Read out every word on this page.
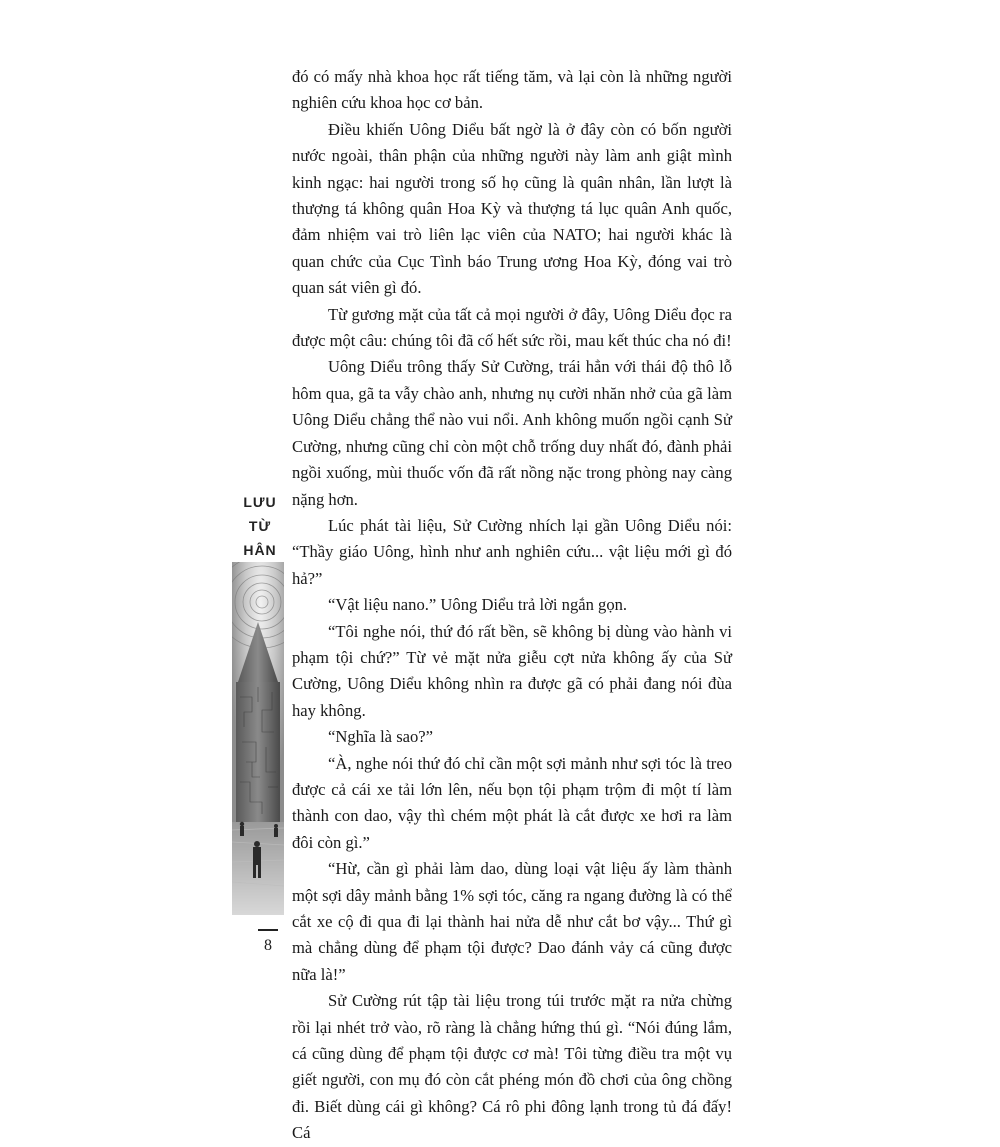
đó có mấy nhà khoa học rất tiếng tăm, và lại còn là những người nghiên cứu khoa học cơ bản.

Điều khiến Uông Diểu bất ngờ là ở đây còn có bốn người nước ngoài, thân phận của những người này làm anh giật mình kinh ngạc: hai người trong số họ cũng là quân nhân, lần lượt là thượng tá không quân Hoa Kỳ và thượng tá lục quân Anh quốc, đảm nhiệm vai trò liên lạc viên của NATO; hai người khác là quan chức của Cục Tình báo Trung ương Hoa Kỳ, đóng vai trò quan sát viên gì đó.

Từ gương mặt của tất cả mọi người ở đây, Uông Diểu đọc ra được một câu: chúng tôi đã cố hết sức rồi, mau kết thúc cha nó đi!

Uông Diểu trông thấy Sử Cường, trái hẳn với thái độ thô lỗ hôm qua, gã ta vẫy chào anh, nhưng nụ cười nhăn nhở của gã làm Uông Diểu chẳng thể nào vui nổi. Anh không muốn ngồi cạnh Sử Cường, nhưng cũng chỉ còn một chỗ trống duy nhất đó, đành phải ngồi xuống, mùi thuốc vốn đã rất nồng nặc trong phòng nay càng nặng hơn.

Lúc phát tài liệu, Sử Cường nhích lại gần Uông Diểu nói: “Thầy giáo Uông, hình như anh nghiên cứu... vật liệu mới gì đó hả?”

“Vật liệu nano.” Uông Diểu trả lời ngắn gọn.

“Tôi nghe nói, thứ đó rất bền, sẽ không bị dùng vào hành vi phạm tội chứ?” Từ vẻ mặt nửa giễu cợt nửa không ấy của Sử Cường, Uông Diểu không nhìn ra được gã có phải đang nói đùa hay không.

“Nghĩa là sao?”

“À, nghe nói thứ đó chỉ cần một sợi mảnh như sợi tóc là treo được cả cái xe tải lớn lên, nếu bọn tội phạm trộm đi một tí làm thành con dao, vậy thì chém một phát là cắt được xe hơi ra làm đôi còn gì.”

“Hừ, cần gì phải làm dao, dùng loại vật liệu ấy làm thành một sợi dây mảnh bằng 1% sợi tóc, căng ra ngang đường là có thể cắt xe cộ đi qua đi lại thành hai nửa dễ như cắt bơ vậy... Thứ gì mà chẳng dùng để phạm tội được? Dao đánh vảy cá cũng được nữa là!”

Sử Cường rút tập tài liệu trong túi trước mặt ra nửa chừng rồi lại nhét trở vào, rõ ràng là chẳng hứng thú gì. “Nói đúng lắm, cá cũng dùng để phạm tội được cơ mà! Tôi từng điều tra một vụ giết người, con mụ đó còn cắt phéng món đồ chơi của ông chồng đi. Biết dùng cái gì không? Cá rô phi đông lạnh trong tủ đá đấy! Cá

LƯU
TỪ
HÂN
8
